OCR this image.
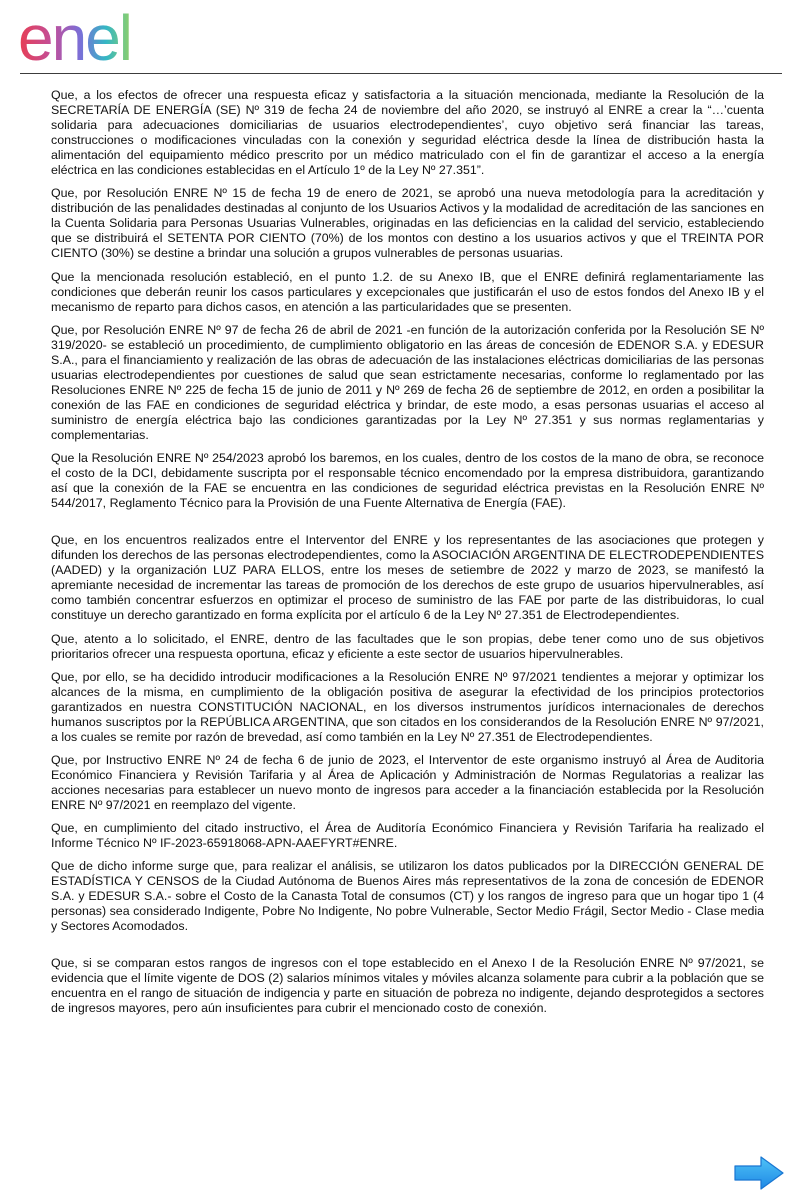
enel

Que, a los efectos de ofrecer una respuesta eficaz y satisfactoria a la situación mencionada, mediante la Resolución de la SECRETARÍA DE ENERGÍA (SE) Nº 319 de fecha 24 de noviembre del año 2020, se instruyó al ENRE a crear la “…’cuenta solidaria para adecuaciones domiciliarias de usuarios electrodependientes’, cuyo objetivo será financiar las tareas, construcciones o modificaciones vinculadas con la conexión y seguridad eléctrica desde la línea de distribución hasta la alimentación del equipamiento médico prescrito por un médico matriculado con el fin de garantizar el acceso a la energía eléctrica en las condiciones establecidas en el Artículo 1º de la Ley Nº 27.351”.

Que, por Resolución ENRE Nº 15 de fecha 19 de enero de 2021, se aprobó una nueva metodología para la acreditación y distribución de las penalidades destinadas al conjunto de los Usuarios Activos y la modalidad de acreditación de las sanciones en la Cuenta Solidaria para Personas Usuarias Vulnerables, originadas en las deficiencias en la calidad del servicio, estableciendo que se distribuirá el SETENTA POR CIENTO (70%) de los montos con destino a los usuarios activos y que el TREINTA POR CIENTO (30%) se destine a brindar una solución a grupos vulnerables de personas usuarias.

Que la mencionada resolución estableció, en el punto 1.2. de su Anexo IB, que el ENRE definirá reglamentariamente las condiciones que deberán reunir los casos particulares y excepcionales que justificarán el uso de estos fondos del Anexo IB y el mecanismo de reparto para dichos casos, en atención a las particularidades que se presenten.

Que, por Resolución ENRE Nº 97 de fecha 26 de abril de 2021 -en función de la autorización conferida por la Resolución SE Nº 319/2020- se estableció un procedimiento, de cumplimiento obligatorio en las áreas de concesión de EDENOR S.A. y EDESUR S.A., para el financiamiento y realización de las obras de adecuación de las instalaciones eléctricas domiciliarias de las personas usuarias electrodependientes por cuestiones de salud que sean estrictamente necesarias, conforme lo reglamentado por las Resoluciones ENRE Nº 225 de fecha 15 de junio de 2011 y Nº 269 de fecha 26 de septiembre de 2012, en orden a posibilitar la conexión de las FAE en condiciones de seguridad eléctrica y brindar, de este modo, a esas personas usuarias el acceso al suministro de energía eléctrica bajo las condiciones garantizadas por la Ley Nº 27.351 y sus normas reglamentarias y complementarias.

Que la Resolución ENRE Nº 254/2023 aprobó los baremos, en los cuales, dentro de los costos de la mano de obra, se reconoce el costo de la DCI, debidamente suscripta por el responsable técnico encomendado por la empresa distribuidora, garantizando así que la conexión de la FAE se encuentra en las condiciones de seguridad eléctrica previstas en la Resolución ENRE Nº 544/2017, Reglamento Técnico para la Provisión de una Fuente Alternativa de Energía (FAE).

Que, en los encuentros realizados entre el Interventor del ENRE y los representantes de las asociaciones que protegen y difunden los derechos de las personas electrodependientes, como la ASOCIACIÓN ARGENTINA DE ELECTRODEPENDIENTES (AADED) y la organización LUZ PARA ELLOS, entre los meses de setiembre de 2022 y marzo de 2023, se manifestó la apremiante necesidad de incrementar las tareas de promoción de los derechos de este grupo de usuarios hipervulnerables, así como también concentrar esfuerzos en optimizar el proceso de suministro de las FAE por parte de las distribuidoras, lo cual constituye un derecho garantizado en forma explícita por el artículo 6 de la Ley Nº 27.351 de Electrodependientes.

Que, atento a lo solicitado, el ENRE, dentro de las facultades que le son propias, debe tener como uno de sus objetivos prioritarios ofrecer una respuesta oportuna, eficaz y eficiente a este sector de usuarios hipervulnerables.

Que, por ello, se ha decidido introducir modificaciones a la Resolución ENRE Nº 97/2021 tendientes a mejorar y optimizar los alcances de la misma, en cumplimiento de la obligación positiva de asegurar la efectividad de los principios protectorios garantizados en nuestra CONSTITUCIÓN NACIONAL, en los diversos instrumentos jurídicos internacionales de derechos humanos suscriptos por la REPÚBLICA ARGENTINA, que son citados en los considerandos de la Resolución ENRE Nº 97/2021, a los cuales se remite por razón de brevedad, así como también en la Ley Nº 27.351 de Electrodependientes.

Que, por Instructivo ENRE Nº 24 de fecha 6 de junio de 2023, el Interventor de este organismo instruyó al Área de Auditoria Económico Financiera y Revisión Tarifaria y al Área de Aplicación y Administración de Normas Regulatorias a realizar las acciones necesarias para establecer un nuevo monto de ingresos para acceder a la financiación establecida por la Resolución ENRE Nº 97/2021 en reemplazo del vigente.

Que, en cumplimiento del citado instructivo, el Área de Auditoría Económico Financiera y Revisión Tarifaria ha realizado el Informe Técnico Nº IF-2023-65918068-APN-AAEFYRT#ENRE.

Que de dicho informe surge que, para realizar el análisis, se utilizaron los datos publicados por la DIRECCIÓN GENERAL DE ESTADÍSTICA Y CENSOS de la Ciudad Autónoma de Buenos Aires más representativos de la zona de concesión de EDENOR S.A. y EDESUR S.A.- sobre el Costo de la Canasta Total de consumos (CT) y los rangos de ingreso para que un hogar tipo 1 (4 personas) sea considerado Indigente, Pobre No Indigente, No pobre Vulnerable, Sector Medio Frágil, Sector Medio - Clase media y Sectores Acomodados.

Que, si se comparan estos rangos de ingresos con el tope establecido en el Anexo I de la Resolución ENRE Nº 97/2021, se evidencia que el límite vigente de DOS (2) salarios mínimos vitales y móviles alcanza solamente para cubrir a la población que se encuentra en el rango de situación de indigencia y parte en situación de pobreza no indigente, dejando desprotegidos a sectores de ingresos mayores, pero aún insuficientes para cubrir el mencionado costo de conexión.
